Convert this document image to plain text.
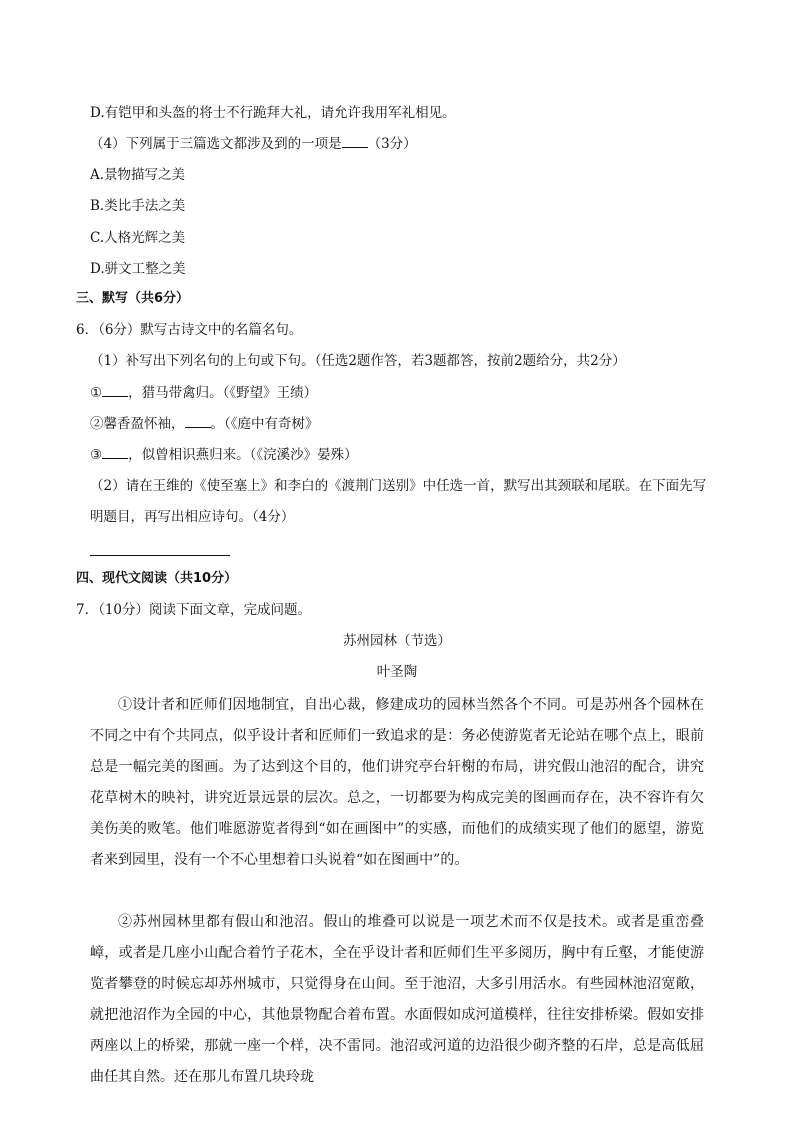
D.有铠甲和头盔的将士不行跪拜大礼，请允许我用军礼相见。
（4）下列属于三篇选文都涉及到的一项是 （3分）
A.景物描写之美
B.类比手法之美
C.人格光辉之美
D.骈文工整之美
三、默写（共6分）
6．（6分）默写古诗文中的名篇名句。
（1）补写出下列名句的上句或下句。（任选2题作答，若3题都答，按前2题给分，共2分）
① ，猎马带禽归。（《野望》王绩）
②馨香盈怀袖， 。（《庭中有奇树》
③ ，似曾相识燕归来。（《浣溪沙》晏殊）
（2）请在王维的《使至塞上》和李白的《渡荆门送别》中任选一首，默写出其颈联和尾联。在下面先写
明题目，再写出相应诗句。（4分）
四、现代文阅读（共10分）
7．（10分）阅读下面文章，完成问题。
苏州园林（节选）
叶圣陶
①设计者和匠师们因地制宜，自出心裁，修建成功的园林当然各个不同。可是苏州各个园林在不同之中有个共同点，似乎设计者和匠师们一致追求的是：务必使游览者无论站在哪个点上，眼前总是一幅完美的图画。为了达到这个目的，他们讲究亭台轩榭的布局，讲究假山池沼的配合，讲究花草树木的映衬，讲究近景远景的层次。总之，一切都要为构成完美的图画而存在，决不容许有欠美伤美的败笔。他们唯愿游览者得到“如在画图中”的实感，而他们的成绩实现了他们的愿望，游览者来到园里，没有一个不心里想着口头说着“如在图画中”的。
②苏州园林里都有假山和池沼。假山的堆叠可以说是一项艺术而不仅是技术。或者是重峦叠嶂，或者是几座小山配合着竹子花木，全在乎设计者和匠师们生平多阅历，胸中有丘壑，才能使游览者攀登的时候忘却苏州城市，只觉得身在山间。至于池沼，大多引用活水。有些园林池沼宽敞，就把池沼作为全园的中心，其他景物配合着布置。水面假如成河道模样，往往安排桥梁。假如安排两座以上的桥梁，那就一座一个样，决不雷同。池沼或河道的边沿很少砌齐整的石岸，总是高低屈曲任其自然。还在那儿布置几块玲珑
